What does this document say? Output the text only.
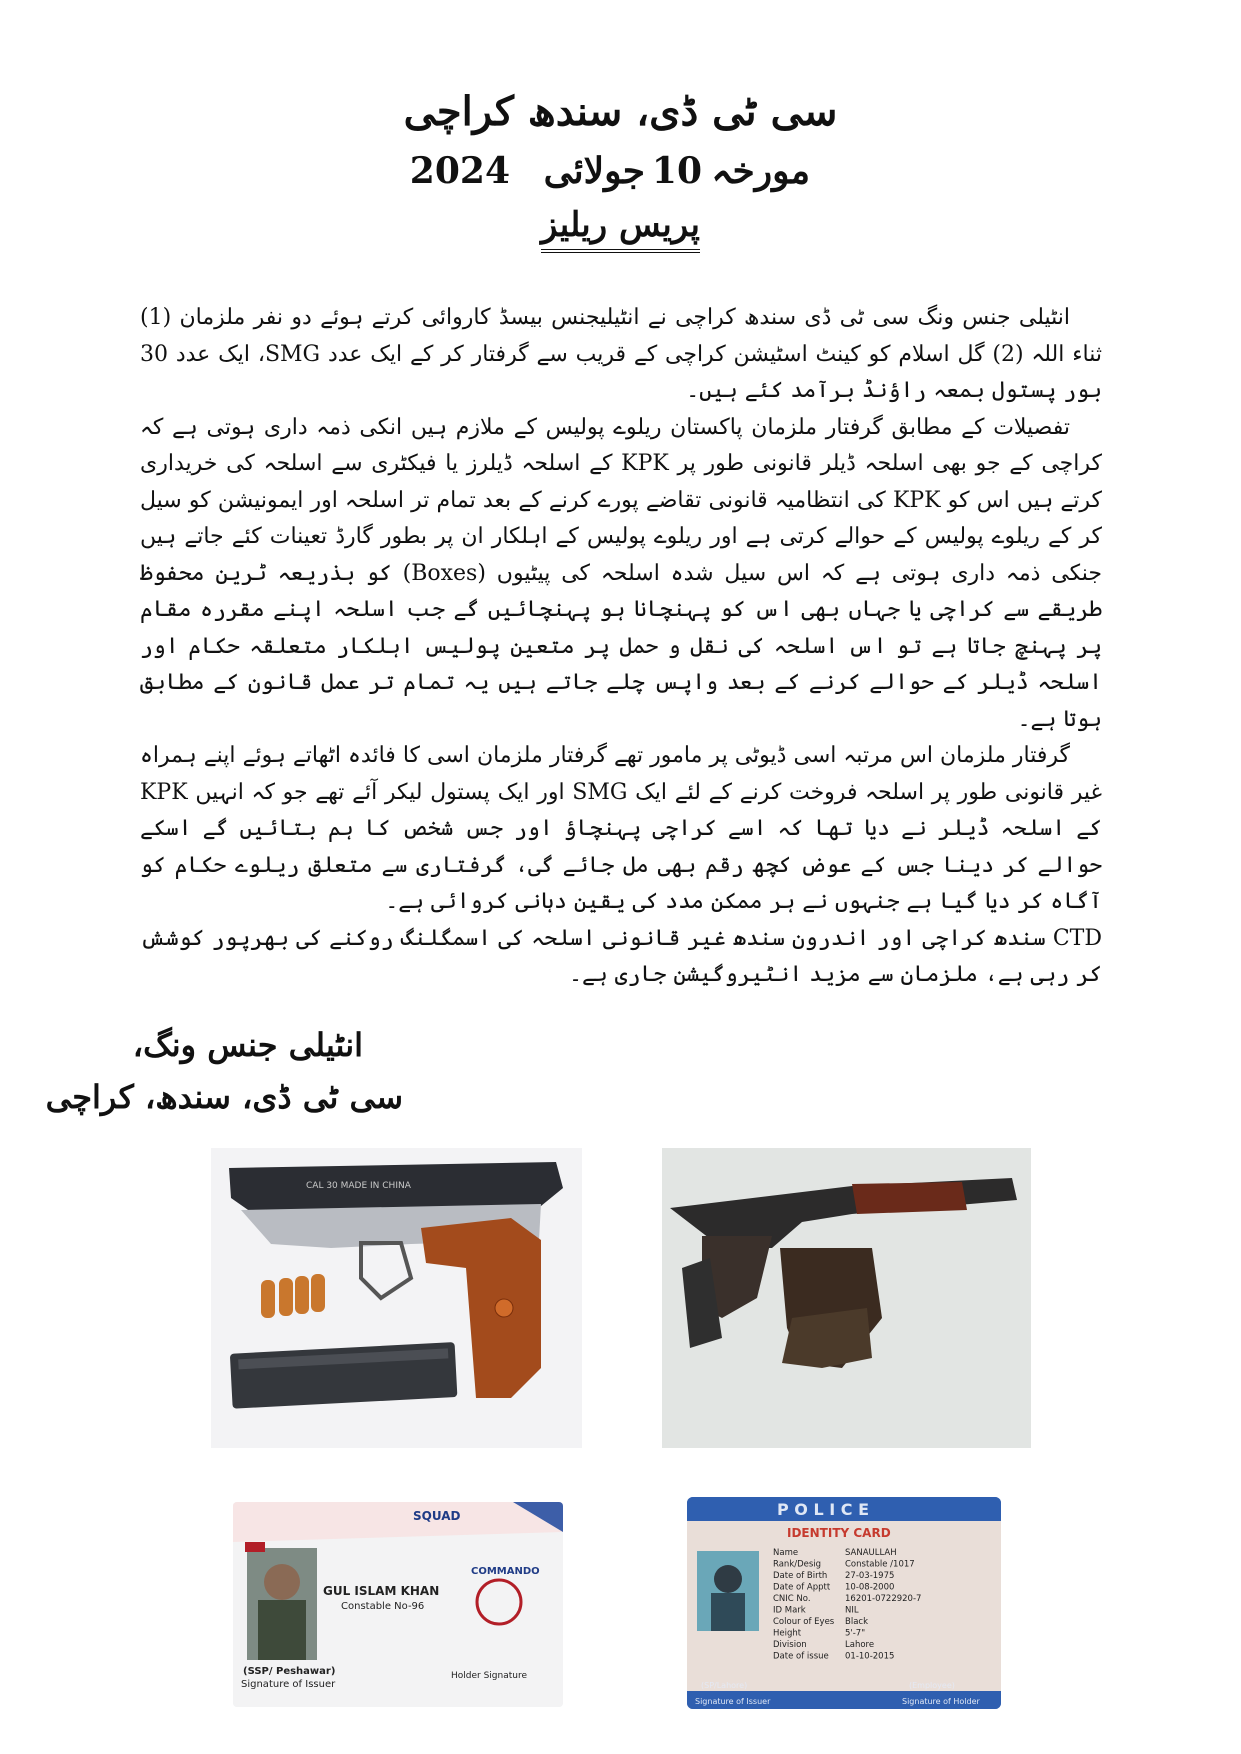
سی ٹی ڈی، سندھ کراچی
مورخہ
10
جولائی
2024
پریس ریلیز

انٹیلی جنس ونگ سی ٹی ڈی سندھ کراچی نے انٹیلیجنس بیسڈ کاروائی کرتے ہوئے دو نفر ملزمان (1) ثناء اللہ (2) گل اسلام کو کینٹ اسٹیشن کراچی کے قریب سے گرفتار کر کے ایک عدد SMG، ایک عدد 30 بور پستول بمعہ راؤنڈ برآمد کئے ہیں۔

تفصیلات کے مطابق گرفتار ملزمان پاکستان ریلوے پولیس کے ملازم ہیں انکی ذمہ داری ہوتی ہے کہ کراچی کے جو بھی اسلحہ ڈیلر قانونی طور پر KPK کے اسلحہ ڈیلرز یا فیکٹری سے اسلحہ کی خریداری کرتے ہیں اس کو KPK کی انتظامیہ قانونی تقاضے پورے کرنے کے بعد تمام تر اسلحہ اور ایمونیشن کو سیل کر کے ریلوے پولیس کے حوالے کرتی ہے اور ریلوے پولیس کے اہلکار ان پر بطور گارڈ تعینات کئے جاتے ہیں جنکی ذمہ داری ہوتی ہے کہ اس سیل شدہ اسلحہ کی پیٹیوں (Boxes) کو بذریعہ ٹرین محفوظ طریقے سے کراچی یا جہاں بھی اس کو پہنچانا ہو پہنچائیں گے جب اسلحہ اپنے مقررہ مقام پر پہنچ جاتا ہے تو اس اسلحہ کی نقل و حمل پر متعین پولیس اہلکار متعلقہ حکام اور اسلحہ ڈیلر کے حوالے کرنے کے بعد واپس چلے جاتے ہیں یہ تمام تر عمل قانون کے مطابق ہوتا ہے۔

گرفتار ملزمان اس مرتبہ اسی ڈیوٹی پر مامور تھے گرفتار ملزمان اسی کا فائدہ اٹھاتے ہوئے اپنے ہمراہ غیر قانونی طور پر اسلحہ فروخت کرنے کے لئے ایک SMG اور ایک پستول لیکر آئے تھے جو کہ انہیں KPK کے اسلحہ ڈیلر نے دیا تھا کہ اسے کراچی پہنچاؤ اور جس شخص کا ہم بتائیں گے اسکے حوالے کر دینا جس کے عوض کچھ رقم بھی مل جائے گی، گرفتاری سے متعلق ریلوے حکام کو آگاہ کر دیا گیا ہے جنہوں نے ہر ممکن مدد کی یقین دہانی کروائی ہے۔

CTD سندھ کراچی اور اندرون سندھ غیر قانونی اسلحہ کی اسمگلنگ روکنے کی بھرپور کوشش کر رہی ہے، ملزمان سے مزید انٹیروگیشن جاری ہے۔

انٹیلی جنس ونگ،
سی ٹی ڈی، سندھ، کراچی
CAL 30 MADE IN CHINA
SQUAD
GUL ISLAM KHAN
Constable No-96
COMMANDO
(SSP/ Peshawar)
Signature of Issuer
Holder Signature
P O L I C E
IDENTITY CARD
Name	SANAULLAH
Rank/Desig	Constable /1017
Date of Birth 27-03-1975
Date of Apptt 10-08-2000
CNIC No.	16201-0722920-7
ID Mark	NIL
Colour of Eyes Black
Height	5'-7"
Division	Lahore
Date of issue 01-10-2015
Signature of Issuer	Signature of Holder
(SP/Lahore)	(Employee)
